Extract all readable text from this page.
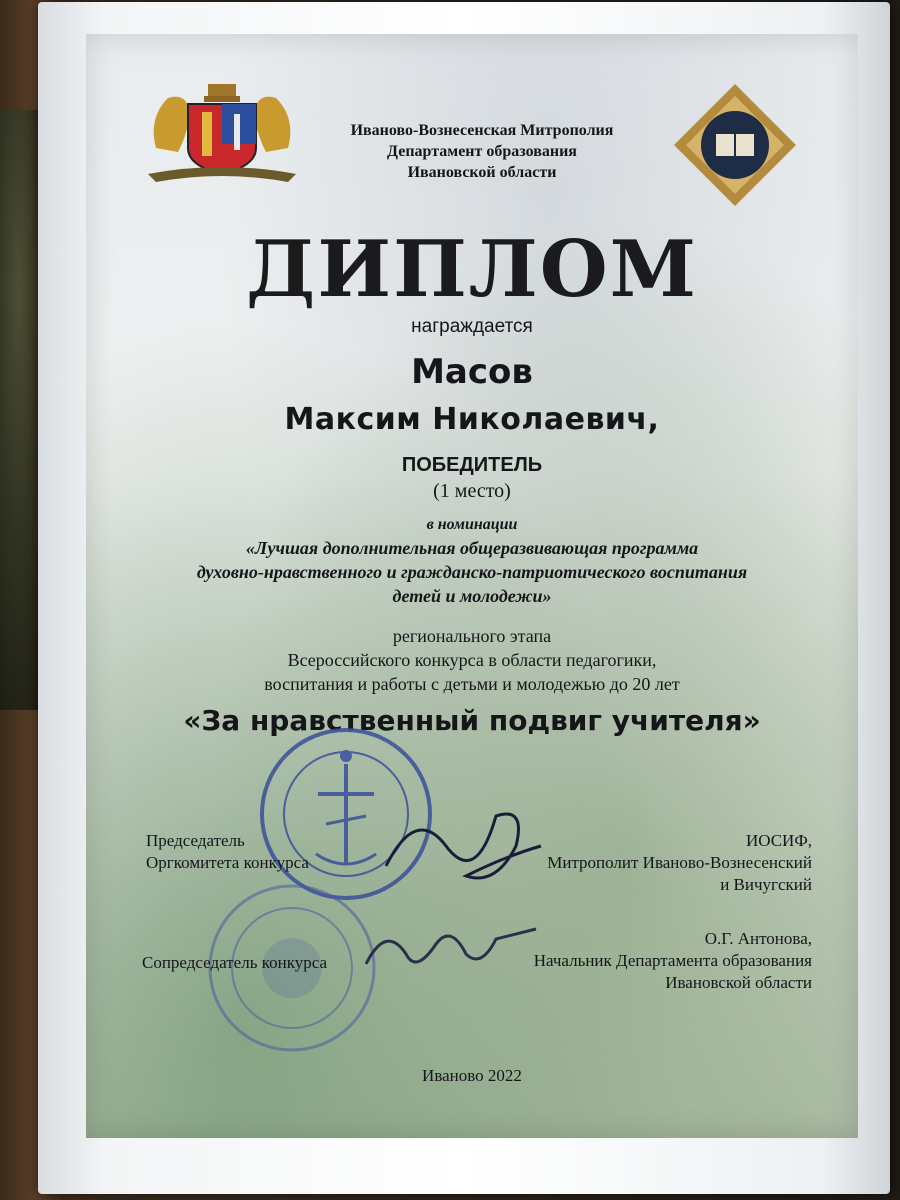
Иваново-Вознесенская Митрополия
Департамент образования
Ивановской области
ДИПЛОМ
награждается
Масов
Максим Николаевич,
ПОБЕДИТЕЛЬ
(1 место)
в номинации
«Лучшая дополнительная общеразвивающая программа
духовно-нравственного и гражданско-патриотического воспитания
детей и молодежи»
регионального этапа
Всероссийского конкурса в области педагогики,
воспитания и работы с детьми и молодежью до 20 лет
«За нравственный подвиг учителя»
Председатель
Оргкомитета конкурса
ИОСИФ,
Митрополит Иваново-Вознесенский
и Вичугский
Сопредседатель конкурса
О.Г. Антонова,
Начальник Департамента образования
Ивановской области
Иваново 2022
